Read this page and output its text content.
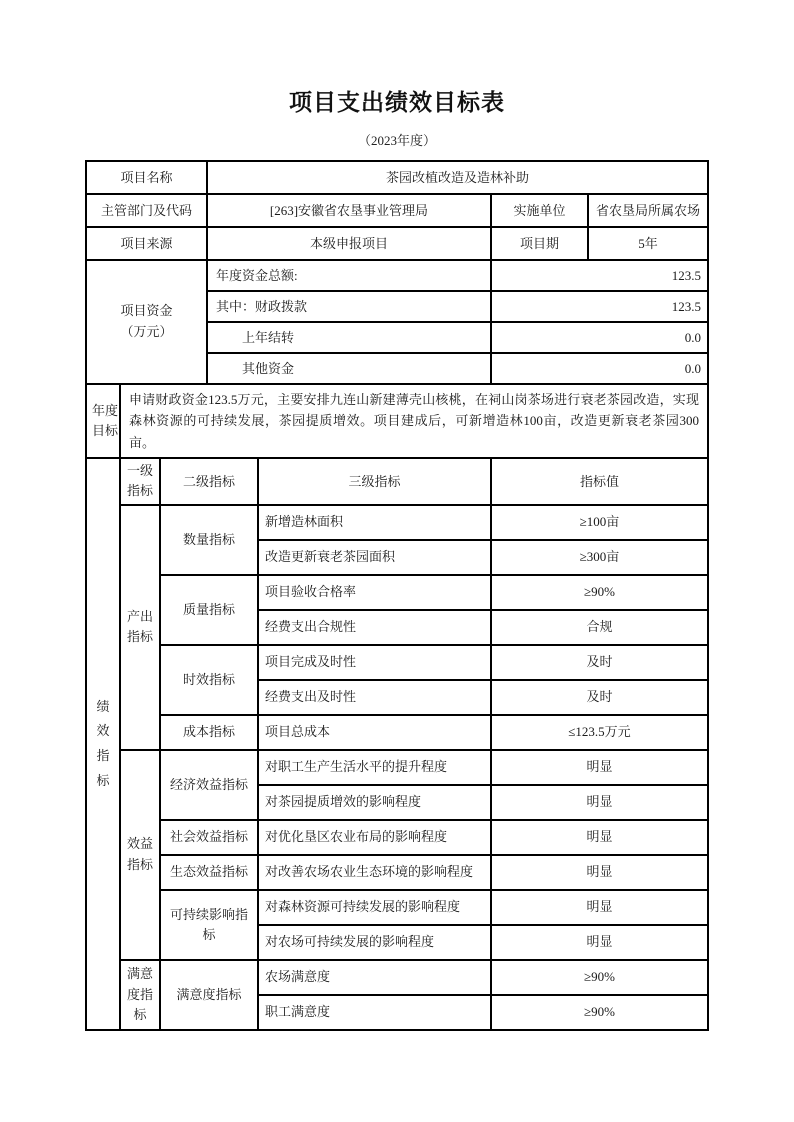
项目支出绩效目标表
（2023年度）
项目名称			茶园改植改造及造林补助			
主管部门及代码			[263]安徽省农垦事业管理局		实施单位	省农垦局所属农场
项目来源			本级申报项目		项目期	5年
项目资金（万元）			年度资金总额:		123.5	
			其中：财政拨款		123.5	
			上年结转		0.0	
			其他资金		0.0	
年度目标	申请财政资金123.5万元，主要安排九连山新建薄壳山核桃，在祠山岗茶场进行衰老茶园改造，实现森林资源的可持续发展，茶园提质增效。项目建成后，可新增造林100亩，改造更新衰老茶园300亩。					
绩效指标	一级指标	二级指标		三级指标	指标值	
	产出指标	数量指标		新增造林面积	≥100亩	
				改造更新衰老茶园面积	≥300亩	
		质量指标		项目验收合格率	≥90%	
				经费支出合规性	合规	
		时效指标		项目完成及时性	及时	
				经费支出及时性	及时	
		成本指标		项目总成本	≤123.5万元	
	效益指标	经济效益指标		对职工生产生活水平的提升程度	明显	
				对茶园提质增效的影响程度	明显	
		社会效益指标		对优化垦区农业布局的影响程度	明显	
		生态效益指标		对改善农场农业生态环境的影响程度	明显	
		可持续影响指标		对森林资源可持续发展的影响程度	明显	
				对农场可持续发展的影响程度	明显	
	满意度指标	满意度指标		农场满意度	≥90%	
				职工满意度	≥90%	
